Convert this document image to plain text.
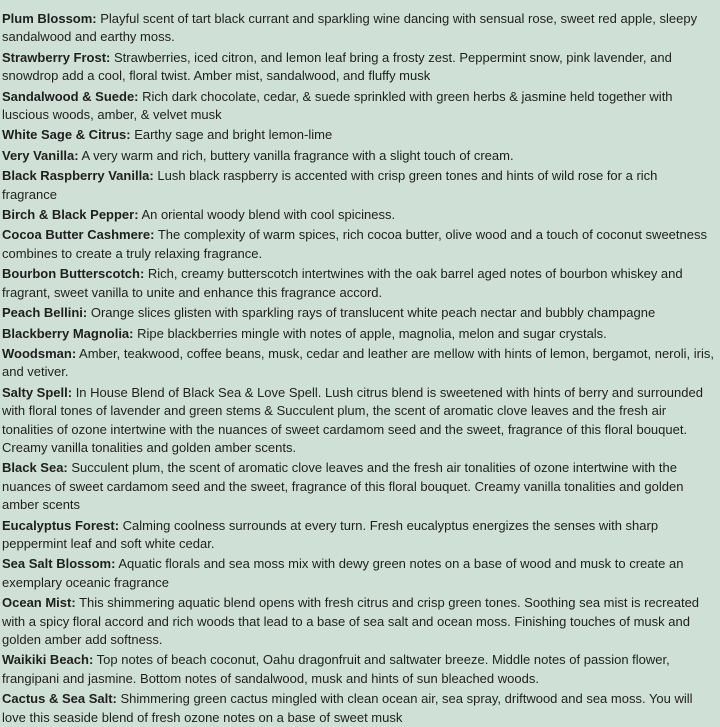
Plum Blossom: Playful scent of tart black currant and sparkling wine dancing with sensual rose, sweet red apple, sleepy sandalwood and earthy moss.

Strawberry Frost: Strawberries, iced citron, and lemon leaf bring a frosty zest. Peppermint snow, pink lavender, and snowdrop add a cool, floral twist. Amber mist, sandalwood, and fluffy musk

Sandalwood & Suede: Rich dark chocolate, cedar, & suede sprinkled with green herbs & jasmine held together with luscious woods, amber, & velvet musk

White Sage & Citrus: Earthy sage and bright lemon-lime

Very Vanilla: A very warm and rich, buttery vanilla fragrance with a slight touch of cream.

Black Raspberry Vanilla: Lush black raspberry is accented with crisp green tones and hints of wild rose for a rich fragrance

Birch & Black Pepper: An oriental woody blend with cool spiciness.

Cocoa Butter Cashmere: The complexity of warm spices, rich cocoa butter, olive wood and a touch of coconut sweetness combines to create a truly relaxing fragrance.

Bourbon Butterscotch: Rich, creamy butterscotch intertwines with the oak barrel aged notes of bourbon whiskey and fragrant, sweet vanilla to unite and enhance this fragrance accord.

Peach Bellini: Orange slices glisten with sparkling rays of translucent white peach nectar and bubbly champagne

Blackberry Magnolia: Ripe blackberries mingle with notes of apple, magnolia, melon and sugar crystals.

Woodsman: Amber, teakwood, coffee beans, musk, cedar and leather are mellow with hints of lemon, bergamot, neroli, iris, and vetiver.

Salty Spell: In House Blend of Black Sea & Love Spell. Lush citrus blend is sweetened with hints of berry and surrounded with floral tones of lavender and green stems & Succulent plum, the scent of aromatic clove leaves and the fresh air tonalities of ozone intertwine with the nuances of sweet cardamom seed and the sweet, fragrance of this floral bouquet. Creamy vanilla tonalities and golden amber scents.

Black Sea: Succulent plum, the scent of aromatic clove leaves and the fresh air tonalities of ozone intertwine with the nuances of sweet cardamom seed and the sweet, fragrance of this floral bouquet. Creamy vanilla tonalities and golden amber scents

Eucalyptus Forest: Calming coolness surrounds at every turn. Fresh eucalyptus energizes the senses with sharp peppermint leaf and soft white cedar.

Sea Salt Blossom: Aquatic florals and sea moss mix with dewy green notes on a base of wood and musk to create an exemplary oceanic fragrance

Ocean Mist: This shimmering aquatic blend opens with fresh citrus and crisp green tones. Soothing sea mist is recreated with a spicy floral accord and rich woods that lead to a base of sea salt and ocean moss. Finishing touches of musk and golden amber add softness.

Waikiki Beach: Top notes of beach coconut, Oahu dragonfruit and saltwater breeze. Middle notes of passion flower, frangipani and jasmine. Bottom notes of sandalwood, musk and hints of sun bleached woods.

Cactus & Sea Salt: Shimmering green cactus mingled with clean ocean air, sea spray, driftwood and sea moss. You will love this seaside blend of fresh ozone notes on a base of sweet musk
